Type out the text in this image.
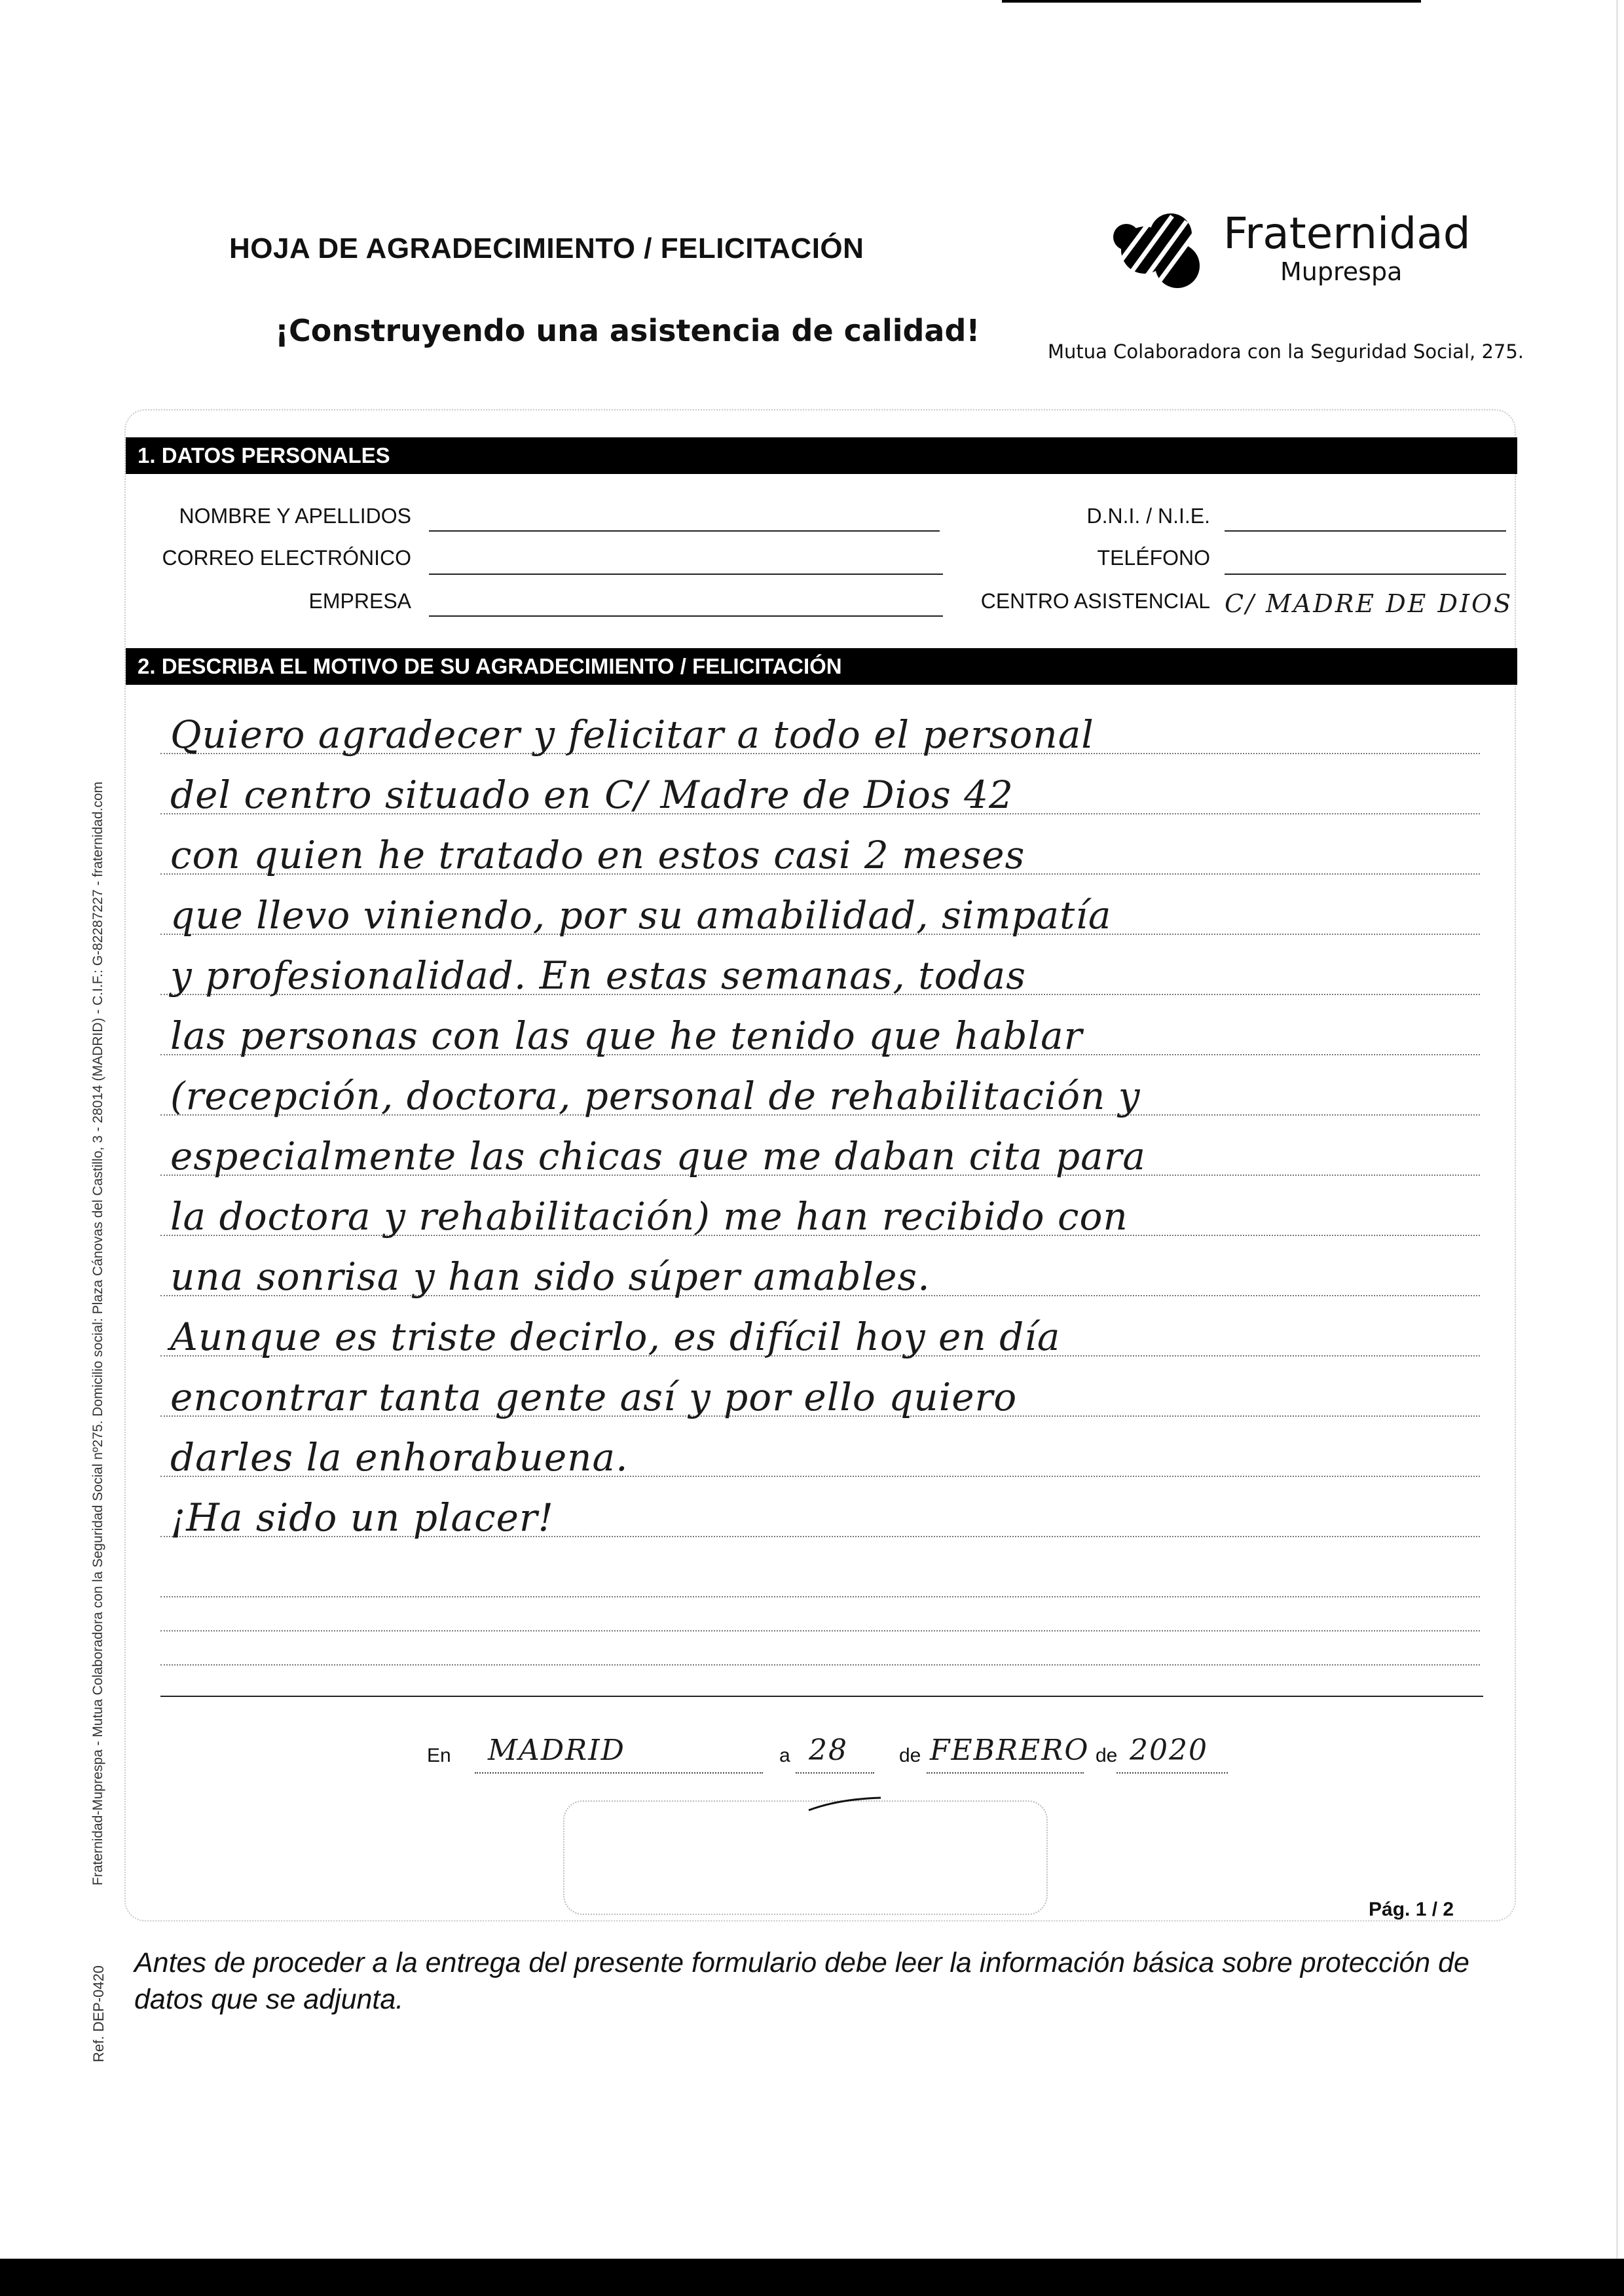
HOJA DE AGRADECIMIENTO / FELICITACIÓN
¡Construyendo una asistencia de calidad!
Fraternidad
Muprespa
Mutua Colaboradora con la Seguridad Social, 275.
1. DATOS PERSONALES
NOMBRE Y APELLIDOS
CORREO ELECTRÓNICO
EMPRESA
D.N.I. / N.I.E.
TELÉFONO
CENTRO ASISTENCIAL C/ MADRE DE DIOS
2. DESCRIBA EL MOTIVO DE SU AGRADECIMIENTO / FELICITACIÓN
Quiero agradecer y felicitar a todo el personal
del centro situado en C/ Madre de Dios 42
con quien he tratado en estos casi 2 meses
que llevo viniendo, por su amabilidad, simpatía
y profesionalidad. En estas semanas, todas
las personas con las que he tenido que hablar
(recepción, doctora, personal de rehabilitación y
especialmente las chicas que me daban cita para
la doctora y rehabilitación) me han recibido con
una sonrisa y han sido súper amables.
Aunque es triste decirlo, es difícil hoy en día
encontrar tanta gente así y por ello quiero
darles la enhorabuena.
¡Ha sido un placer!
En MADRID	a 28	de FEBRERO de 2020
Pág. 1 / 2
Antes de proceder a la entrega del presente formulario debe leer la información básica sobre protección de datos que se adjunta.
Fraternidad-Muprespa - Mutua Colaboradora con la Seguridad Social nº275. Domicilio social: Plaza Cánovas del Castillo, 3 - 28014 (MADRID) - C.I.F.: G-82287227 - fraternidad.com
Ref. DEP-0420
